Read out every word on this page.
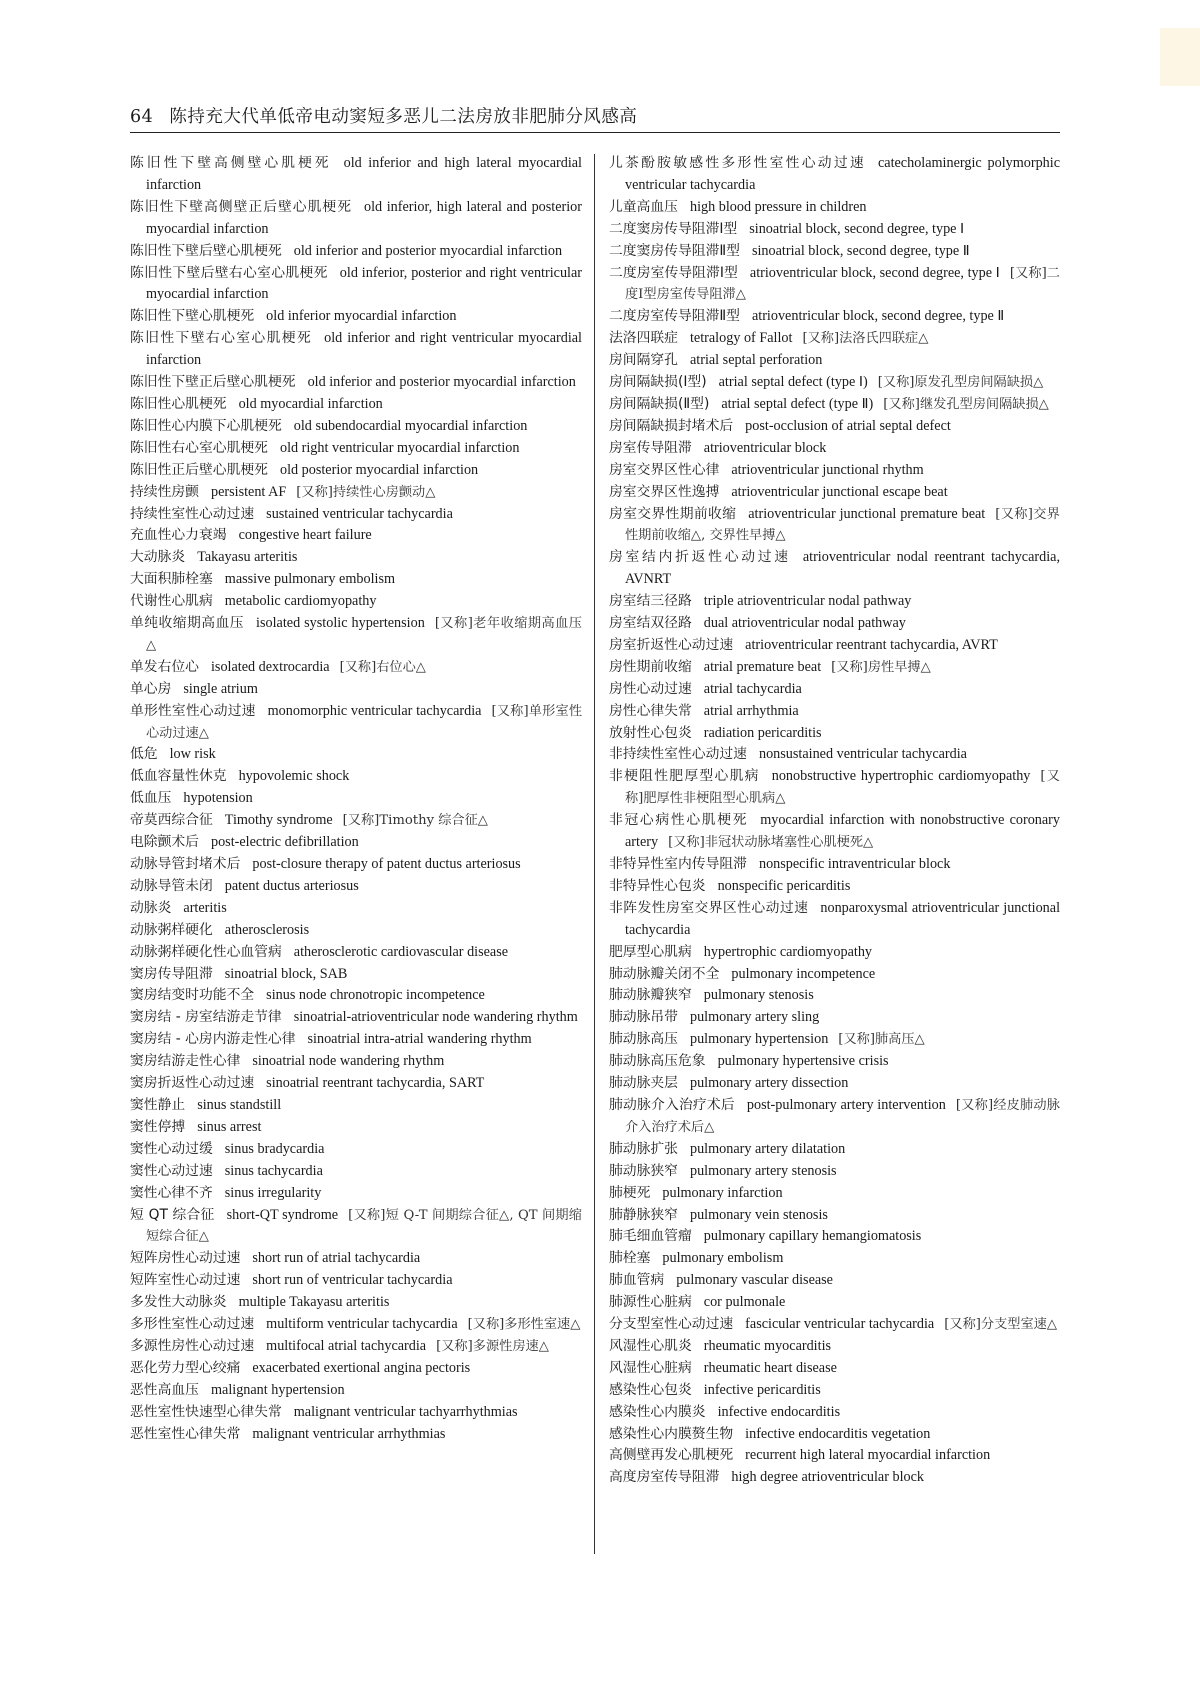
64 陈持充大代单低帝电动窦短多恶儿二法房放非肥肺分风感高
陈旧性下壁高侧壁心肌梗死 old inferior and high lateral myocardial infarction
陈旧性下壁高侧壁正后壁心肌梗死 old inferior, high lateral and posterior myocardial infarction
陈旧性下壁后壁心肌梗死 old inferior and posterior myocardial infarction
陈旧性下壁后壁右心室心肌梗死 old inferior, posterior and right ventricular myocardial infarction
陈旧性下壁心肌梗死 old inferior myocardial infarction
陈旧性下壁右心室心肌梗死 old inferior and right ventricular myocardial infarction
陈旧性下壁正后壁心肌梗死 old inferior and posterior myocardial infarction
陈旧性心肌梗死 old myocardial infarction
陈旧性心内膜下心肌梗死 old subendocardial myocardial infarction
陈旧性右心室心肌梗死 old right ventricular myocardial infarction
陈旧性正后壁心肌梗死 old posterior myocardial infarction
持续性房颤 persistent AF [又称]持续性心房颤动△
持续性室性心动过速 sustained ventricular tachycardia
充血性心力衰竭 congestive heart failure
大动脉炎 Takayasu arteritis
大面积肺栓塞 massive pulmonary embolism
代谢性心肌病 metabolic cardiomyopathy
单纯收缩期高血压 isolated systolic hypertension [又称]老年收缩期高血压△
单发右位心 isolated dextrocardia [又称]右位心△
单心房 single atrium
单形性室性心动过速 monomorphic ventricular tachycardia [又称]单形室性心动过速△
低危 low risk
低血容量性休克 hypovolemic shock
低血压 hypotension
帝莫西综合征 Timothy syndrome [又称]Timothy 综合征△
电除颤术后 post-electric defibrillation
动脉导管封堵术后 post-closure therapy of patent ductus arteriosus
动脉导管未闭 patent ductus arteriosus
动脉炎 arteritis
动脉粥样硬化 atherosclerosis
动脉粥样硬化性心血管病 atherosclerotic cardiovascular disease
窦房传导阻滞 sinoatrial block, SAB
窦房结变时功能不全 sinus node chronotropic incompetence
窦房结 - 房室结游走节律 sinoatrial-atrioventricular node wandering rhythm
窦房结 - 心房内游走性心律 sinoatrial intra-atrial wandering rhythm
窦房结游走性心律 sinoatrial node wandering rhythm
窦房折返性心动过速 sinoatrial reentrant tachycardia, SART
窦性静止 sinus standstill
窦性停搏 sinus arrest
窦性心动过缓 sinus bradycardia
窦性心动过速 sinus tachycardia
窦性心律不齐 sinus irregularity
短 QT 综合征 short-QT syndrome [又称]短 Q-T 间期综合征△, QT 间期缩短综合征△
短阵房性心动过速 short run of atrial tachycardia
短阵室性心动过速 short run of ventricular tachycardia
多发性大动脉炎 multiple Takayasu arteritis
多形性室性心动过速 multiform ventricular tachycardia [又称]多形性室速△
多源性房性心动过速 multifocal atrial tachycardia [又称]多源性房速△
恶化劳力型心绞痛 exacerbated exertional angina pectoris
恶性高血压 malignant hypertension
恶性室性快速型心律失常 malignant ventricular tachyarrhythmias
恶性室性心律失常 malignant ventricular arrhythmias
儿茶酚胺敏感性多形性室性心动过速 catecholaminergic polymorphic ventricular tachycardia
儿童高血压 high blood pressure in children
二度窦房传导阻滞Ⅰ型 sinoatrial block, second degree, type Ⅰ
二度窦房传导阻滞Ⅱ型 sinoatrial block, second degree, type Ⅱ
二度房室传导阻滞Ⅰ型 atrioventricular block, second degree, type Ⅰ [又称]二度Ⅰ型房室传导阻滞△
二度房室传导阻滞Ⅱ型 atrioventricular block, second degree, type Ⅱ
法洛四联症 tetralogy of Fallot [又称]法洛氏四联症△
房间隔穿孔 atrial septal perforation
房间隔缺损(Ⅰ型) atrial septal defect (type Ⅰ) [又称]原发孔型房间隔缺损△
房间隔缺损(Ⅱ型) atrial septal defect (type Ⅱ) [又称]继发孔型房间隔缺损△
房间隔缺损封堵术后 post-occlusion of atrial septal defect
房室传导阻滞 atrioventricular block
房室交界区性心律 atrioventricular junctional rhythm
房室交界区性逸搏 atrioventricular junctional escape beat
房室交界性期前收缩 atrioventricular junctional premature beat [又称]交界性期前收缩△, 交界性早搏△
房室结内折返性心动过速 atrioventricular nodal reentrant tachycardia, AVNRT
房室结三径路 triple atrioventricular nodal pathway
房室结双径路 dual atrioventricular nodal pathway
房室折返性心动过速 atrioventricular reentrant tachycardia, AVRT
房性期前收缩 atrial premature beat [又称]房性早搏△
房性心动过速 atrial tachycardia
房性心律失常 atrial arrhythmia
放射性心包炎 radiation pericarditis
非持续性室性心动过速 nonsustained ventricular tachycardia
非梗阻性肥厚型心肌病 nonobstructive hypertrophic cardiomyopathy [又称]肥厚性非梗阻型心肌病△
非冠心病性心肌梗死 myocardial infarction with nonobstructive coronary artery [又称]非冠状动脉堵塞性心肌梗死△
非特异性室内传导阻滞 nonspecific intraventricular block
非特异性心包炎 nonspecific pericarditis
非阵发性房室交界区性心动过速 nonparoxysmal atrioventricular junctional tachycardia
肥厚型心肌病 hypertrophic cardiomyopathy
肺动脉瓣关闭不全 pulmonary incompetence
肺动脉瓣狭窄 pulmonary stenosis
肺动脉吊带 pulmonary artery sling
肺动脉高压 pulmonary hypertension [又称]肺高压△
肺动脉高压危象 pulmonary hypertensive crisis
肺动脉夹层 pulmonary artery dissection
肺动脉介入治疗术后 post-pulmonary artery intervention [又称]经皮肺动脉介入治疗术后△
肺动脉扩张 pulmonary artery dilatation
肺动脉狭窄 pulmonary artery stenosis
肺梗死 pulmonary infarction
肺静脉狭窄 pulmonary vein stenosis
肺毛细血管瘤 pulmonary capillary hemangiomatosis
肺栓塞 pulmonary embolism
肺血管病 pulmonary vascular disease
肺源性心脏病 cor pulmonale
分支型室性心动过速 fascicular ventricular tachycardia [又称]分支型室速△
风湿性心肌炎 rheumatic myocarditis
风湿性心脏病 rheumatic heart disease
感染性心包炎 infective pericarditis
感染性心内膜炎 infective endocarditis
感染性心内膜赘生物 infective endocarditis vegetation
高侧壁再发心肌梗死 recurrent high lateral myocardial infarction
高度房室传导阻滞 high degree atrioventricular block
